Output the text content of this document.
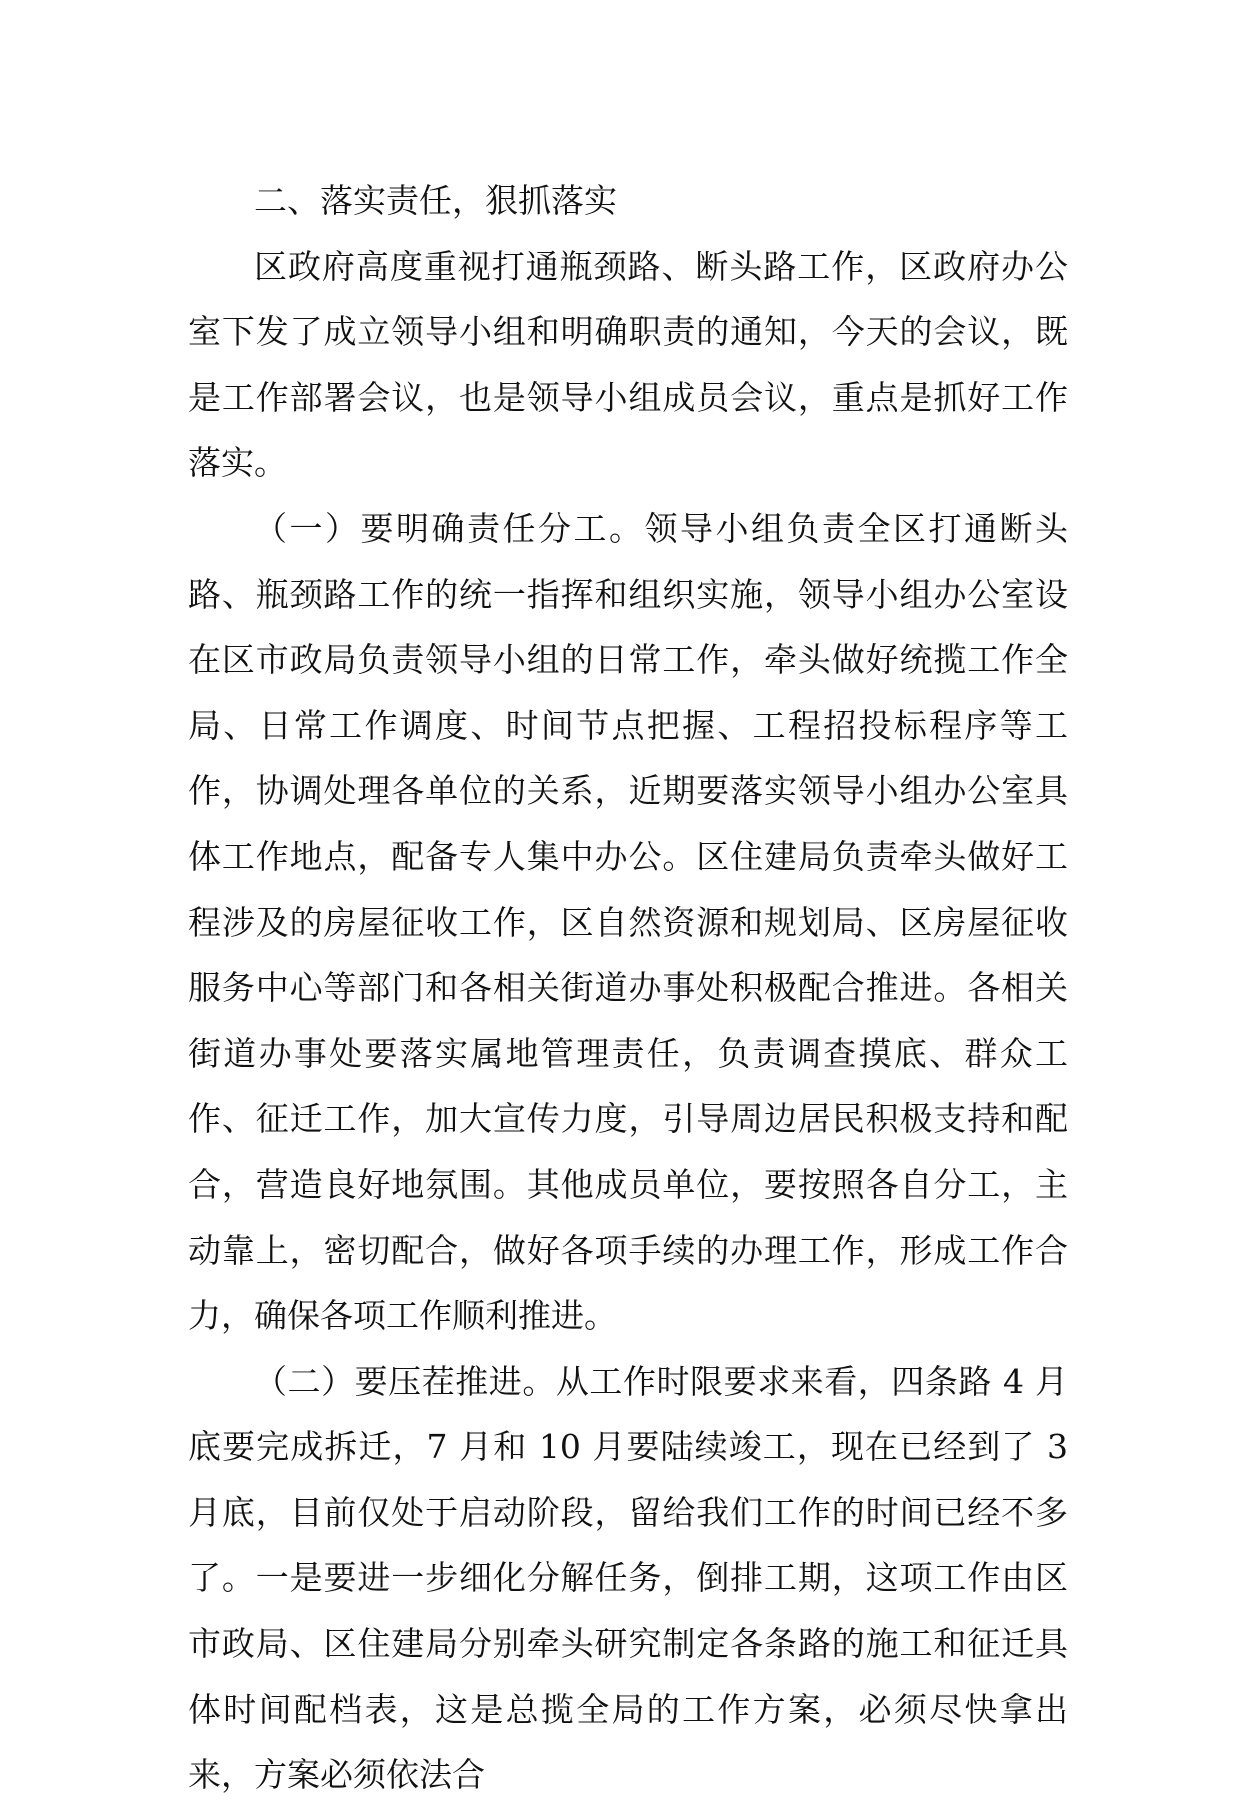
二、落实责任，狠抓落实

区政府高度重视打通瓶颈路、断头路工作，区政府办公室下发了成立领导小组和明确职责的通知，今天的会议，既是工作部署会议，也是领导小组成员会议，重点是抓好工作落实。

（一）要明确责任分工。领导小组负责全区打通断头路、瓶颈路工作的统一指挥和组织实施，领导小组办公室设在区市政局负责领导小组的日常工作，牵头做好统揽工作全局、日常工作调度、时间节点把握、工程招投标程序等工作，协调处理各单位的关系，近期要落实领导小组办公室具体工作地点，配备专人集中办公。区住建局负责牵头做好工程涉及的房屋征收工作，区自然资源和规划局、区房屋征收服务中心等部门和各相关街道办事处积极配合推进。各相关街道办事处要落实属地管理责任，负责调查摸底、群众工作、征迁工作，加大宣传力度，引导周边居民积极支持和配合，营造良好地氛围。其他成员单位，要按照各自分工，主动靠上，密切配合，做好各项手续的办理工作，形成工作合力，确保各项工作顺利推进。

（二）要压茬推进。从工作时限要求来看，四条路 4 月底要完成拆迁，7 月和 10 月要陆续竣工，现在已经到了 3 月底，目前仅处于启动阶段，留给我们工作的时间已经不多了。一是要进一步细化分解任务，倒排工期，这项工作由区市政局、区住建局分别牵头研究制定各条路的施工和征迁具体时间配档表，这是总揽全局的工作方案，必须尽快拿出来，方案必须依法合
